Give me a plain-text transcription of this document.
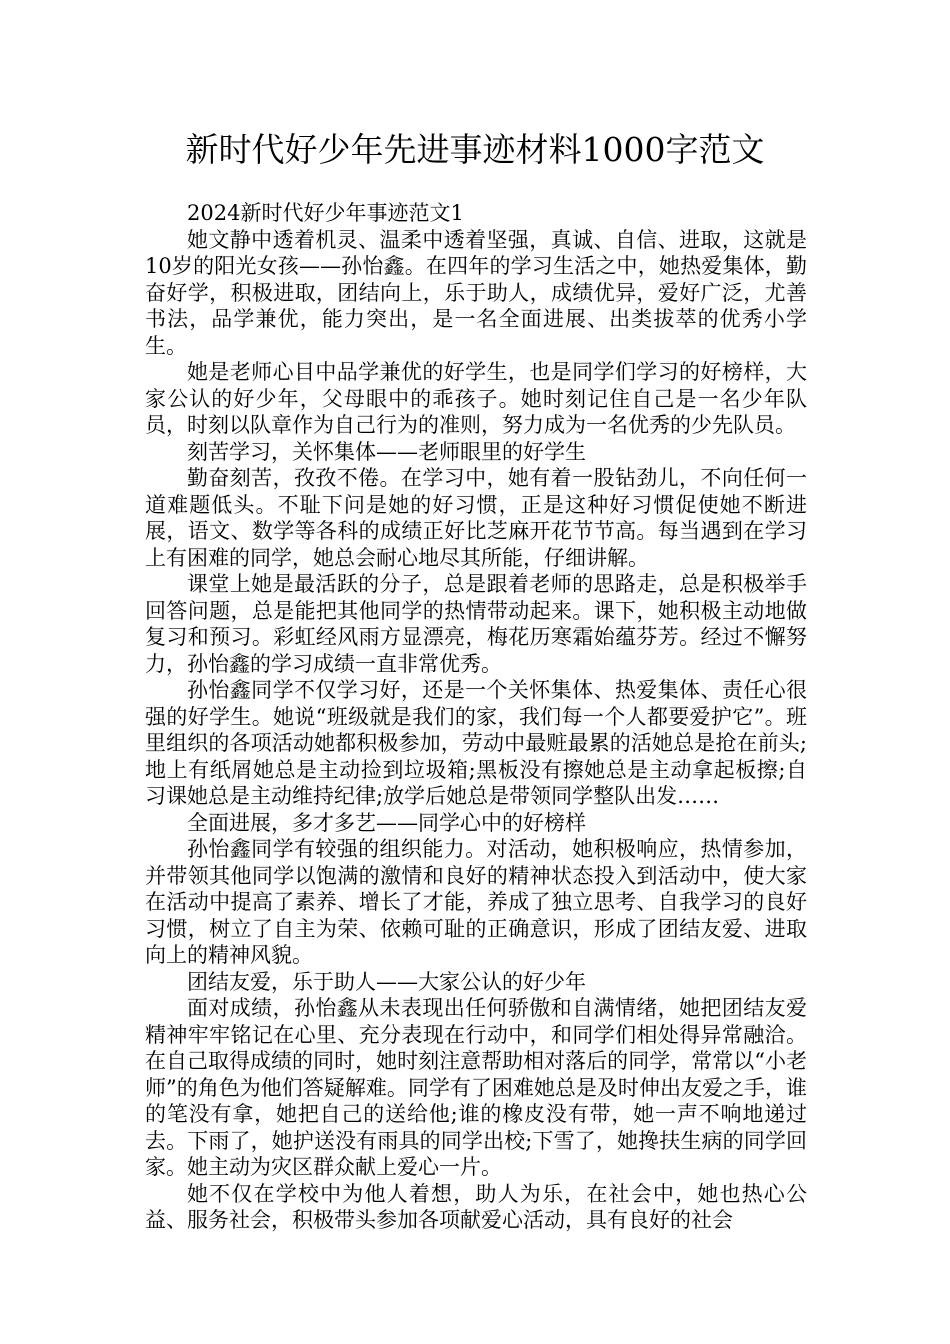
新时代好少年先进事迹材料1000字范文

2024新时代好少年事迹范文1

她文静中透着机灵、温柔中透着坚强，真诚、自信、进取，这就是10岁的阳光女孩——孙怡鑫。在四年的学习生活之中，她热爱集体，勤奋好学，积极进取，团结向上，乐于助人，成绩优异，爱好广泛，尤善书法，品学兼优，能力突出，是一名全面进展、出类拔萃的优秀小学生。

她是老师心目中品学兼优的好学生，也是同学们学习的好榜样，大家公认的好少年，父母眼中的乖孩子。她时刻记住自己是一名少年队员，时刻以队章作为自己行为的准则，努力成为一名优秀的少先队员。

刻苦学习，关怀集体——老师眼里的好学生

勤奋刻苦，孜孜不倦。在学习中，她有着一股钻劲儿，不向任何一道难题低头。不耻下问是她的好习惯，正是这种好习惯促使她不断进展，语文、数学等各科的成绩正好比芝麻开花节节高。每当遇到在学习上有困难的同学，她总会耐心地尽其所能，仔细讲解。

课堂上她是最活跃的分子，总是跟着老师的思路走，总是积极举手回答问题，总是能把其他同学的热情带动起来。课下，她积极主动地做复习和预习。彩虹经风雨方显漂亮，梅花历寒霜始蕴芬芳。经过不懈努力，孙怡鑫的学习成绩一直非常优秀。

孙怡鑫同学不仅学习好，还是一个关怀集体、热爱集体、责任心很强的好学生。她说“班级就是我们的家，我们每一个人都要爱护它”。班里组织的各项活动她都积极参加，劳动中最赃最累的活她总是抢在前头;地上有纸屑她总是主动捡到垃圾箱;黑板没有擦她总是主动拿起板擦;自习课她总是主动维持纪律;放学后她总是带领同学整队出发……

全面进展，多才多艺——同学心中的好榜样

孙怡鑫同学有较强的组织能力。对活动，她积极响应，热情参加，并带领其他同学以饱满的激情和良好的精神状态投入到活动中，使大家在活动中提高了素养、增长了才能，养成了独立思考、自我学习的良好习惯，树立了自主为荣、依赖可耻的正确意识，形成了团结友爱、进取向上的精神风貌。

团结友爱，乐于助人——大家公认的好少年

面对成绩，孙怡鑫从未表现出任何骄傲和自满情绪，她把团结友爱精神牢牢铭记在心里、充分表现在行动中，和同学们相处得异常融洽。在自己取得成绩的同时，她时刻注意帮助相对落后的同学，常常以“小老师”的角色为他们答疑解难。同学有了困难她总是及时伸出友爱之手，谁的笔没有拿，她把自己的送给他;谁的橡皮没有带，她一声不响地递过去。下雨了，她护送没有雨具的同学出校;下雪了，她搀扶生病的同学回家。她主动为灾区群众献上爱心一片。

她不仅在学校中为他人着想，助人为乐，在社会中，她也热心公益、服务社会，积极带头参加各项献爱心活动，具有良好的社会
